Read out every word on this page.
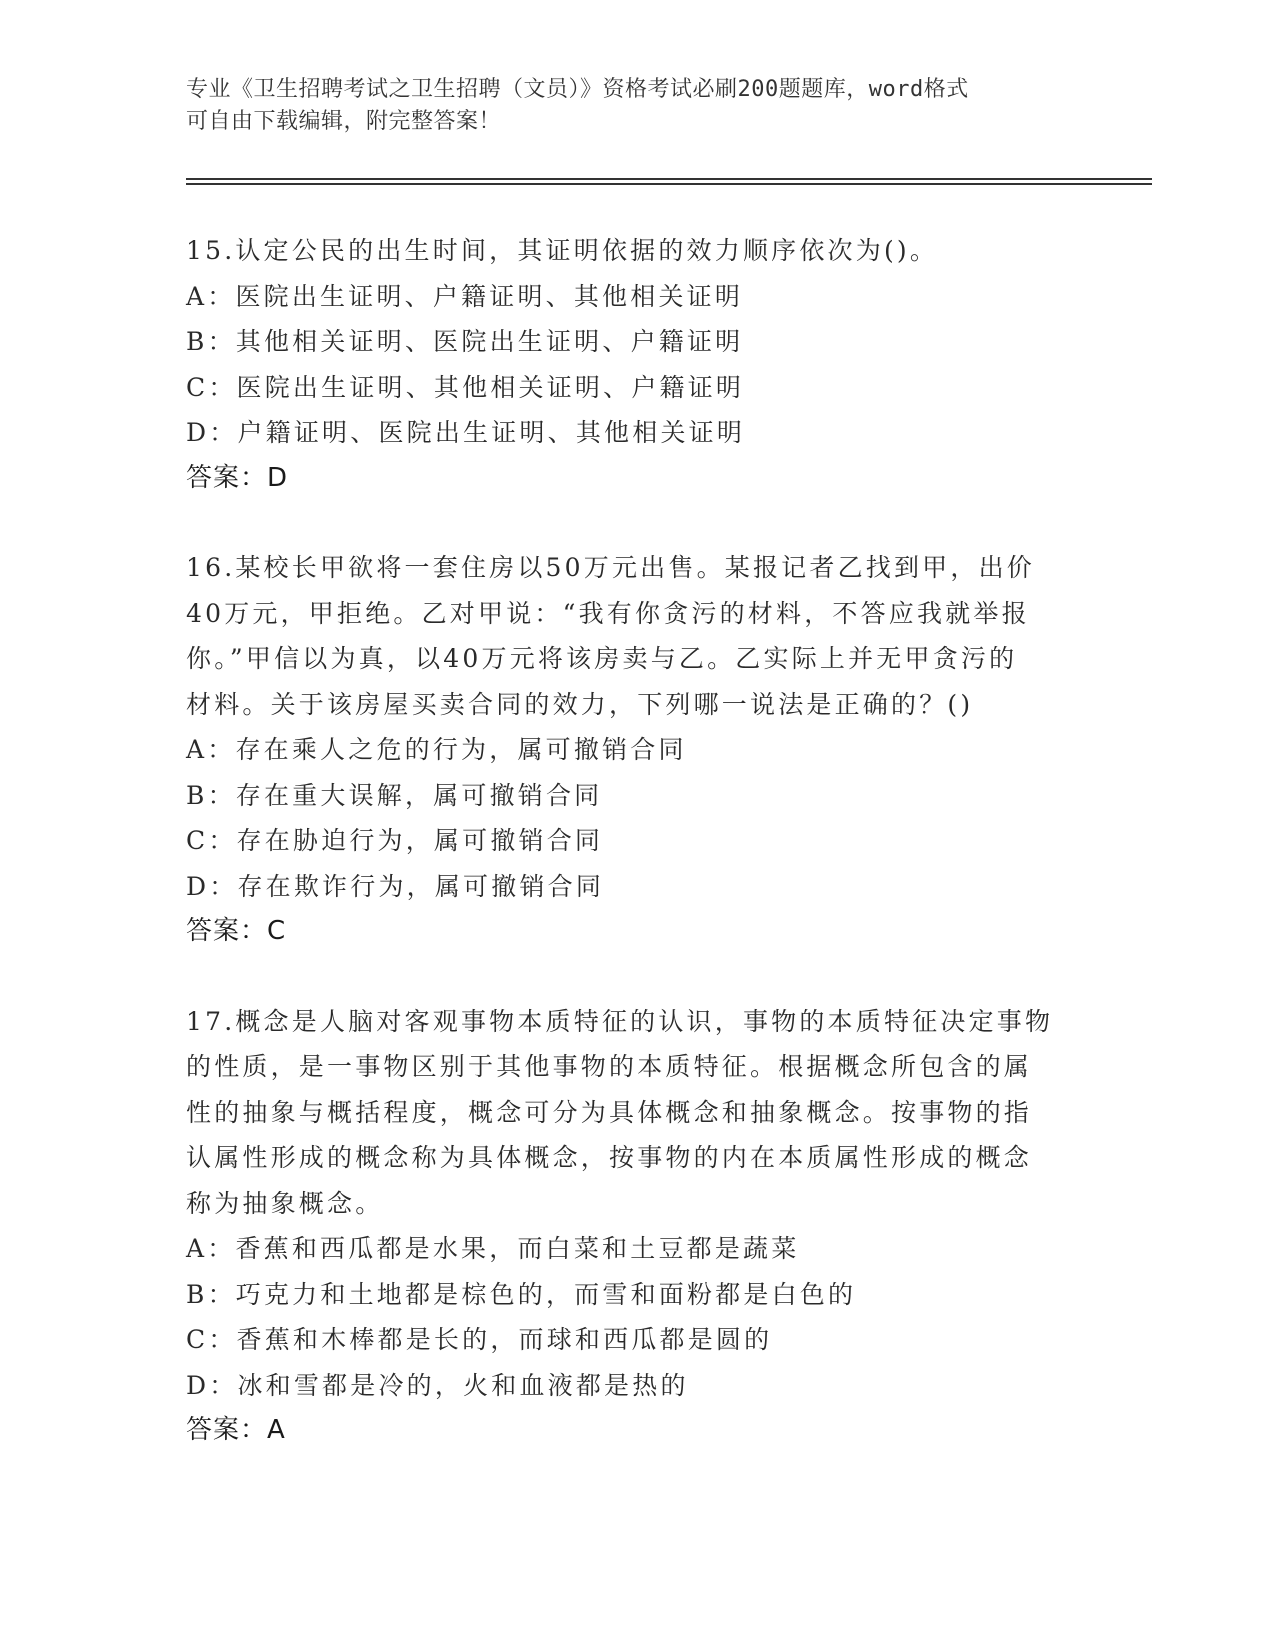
专业《卫生招聘考试之卫生招聘（文员）》资格考试必刷200题题库，word格式
可自由下载编辑，附完整答案！
15.认定公民的出生时间，其证明依据的效力顺序依次为()。
A：医院出生证明、户籍证明、其他相关证明
B：其他相关证明、医院出生证明、户籍证明
C：医院出生证明、其他相关证明、户籍证明
D：户籍证明、医院出生证明、其他相关证明
答案：D
16.某校长甲欲将一套住房以50万元出售。某报记者乙找到甲，出价
40万元，甲拒绝。乙对甲说：“我有你贪污的材料，不答应我就举报
你。”甲信以为真，以40万元将该房卖与乙。乙实际上并无甲贪污的
材料。关于该房屋买卖合同的效力，下列哪一说法是正确的？()
A：存在乘人之危的行为，属可撤销合同
B：存在重大误解，属可撤销合同
C：存在胁迫行为，属可撤销合同
D：存在欺诈行为，属可撤销合同
答案：C
17.概念是人脑对客观事物本质特征的认识，事物的本质特征决定事物
的性质，是一事物区别于其他事物的本质特征。根据概念所包含的属
性的抽象与概括程度，概念可分为具体概念和抽象概念。按事物的指
认属性形成的概念称为具体概念，按事物的内在本质属性形成的概念
称为抽象概念。
A：香蕉和西瓜都是水果，而白菜和土豆都是蔬菜
B：巧克力和土地都是棕色的，而雪和面粉都是白色的
C：香蕉和木棒都是长的，而球和西瓜都是圆的
D：冰和雪都是冷的，火和血液都是热的
答案：A
